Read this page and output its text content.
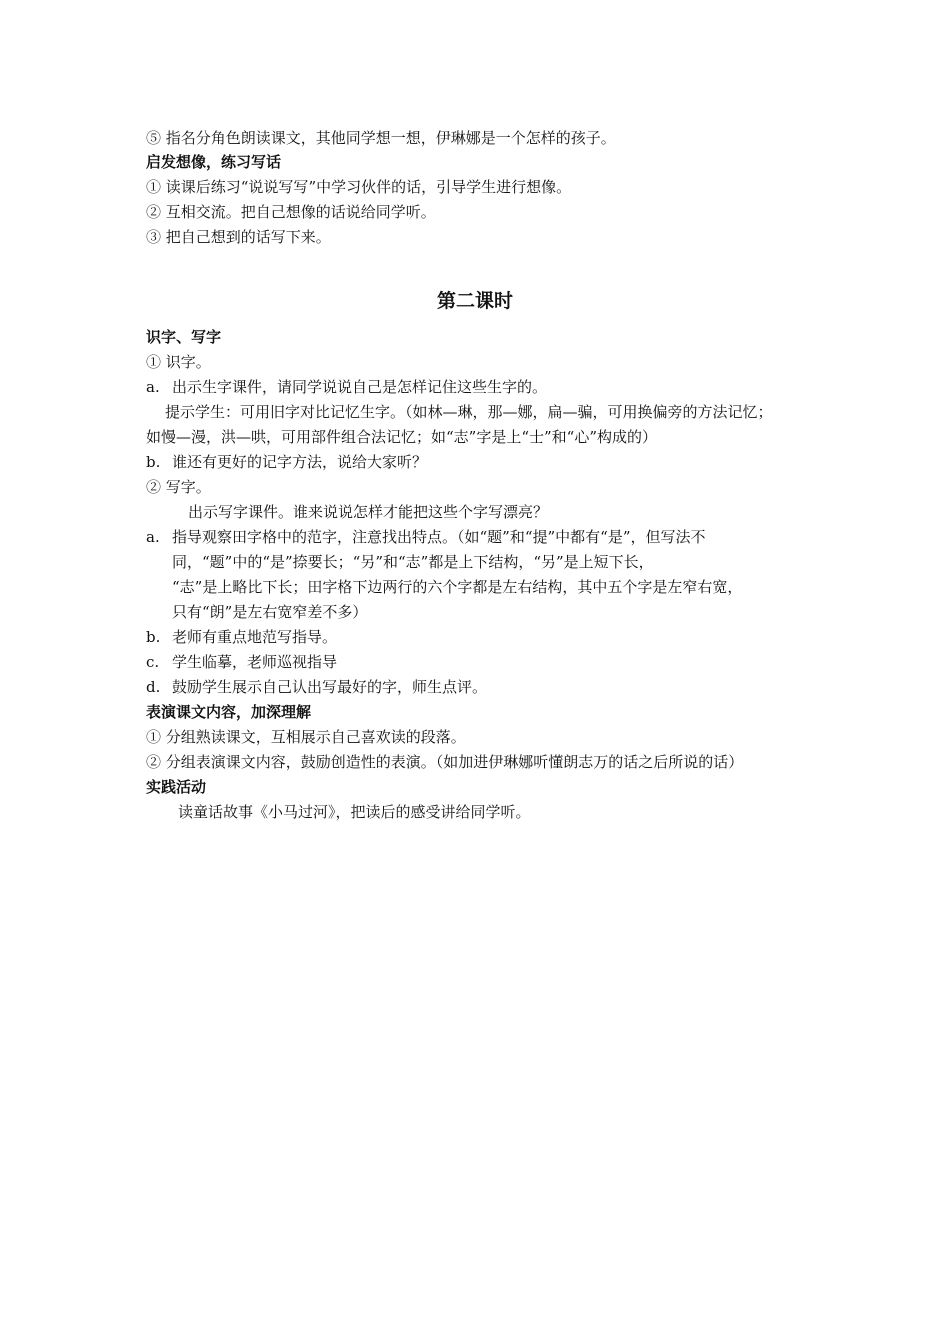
⑤ 指名分角色朗读课文，其他同学想一想，伊琳娜是一个怎样的孩子。
启发想像，练习写话
① 读课后练习“说说写写”中学习伙伴的话，引导学生进行想像。
② 互相交流。把自己想像的话说给同学听。
③ 把自己想到的话写下来。
第二课时
识字、写字
① 识字。
a. 出示生字课件，请同学说说自己是怎样记住这些生字的。
提示学生：可用旧字对比记忆生字。（如林—琳，那—娜，扁—骗，可用换偏旁的方法记忆；
如慢—漫，洪—哄，可用部件组合法记忆；如“志”字是上“士”和“心”构成的）
b. 谁还有更好的记字方法，说给大家听？
② 写字。
出示写字课件。谁来说说怎样才能把这些个字写漂亮？
a. 指导观察田字格中的范字，注意找出特点。（如“题”和“提”中都有“是”，但写法不
同，“题”中的“是”捺要长；“另”和“志”都是上下结构，“另”是上短下长，
“志”是上略比下长；田字格下边两行的六个字都是左右结构，其中五个字是左窄右宽，
只有“朗”是左右宽窄差不多）
b. 老师有重点地范写指导。
c. 学生临摹，老师巡视指导
d. 鼓励学生展示自己认出写最好的字，师生点评。
表演课文内容，加深理解
① 分组熟读课文，互相展示自己喜欢读的段落。
② 分组表演课文内容，鼓励创造性的表演。（如加进伊琳娜听懂朗志万的话之后所说的话）
实践活动
读童话故事《小马过河》，把读后的感受讲给同学听。
